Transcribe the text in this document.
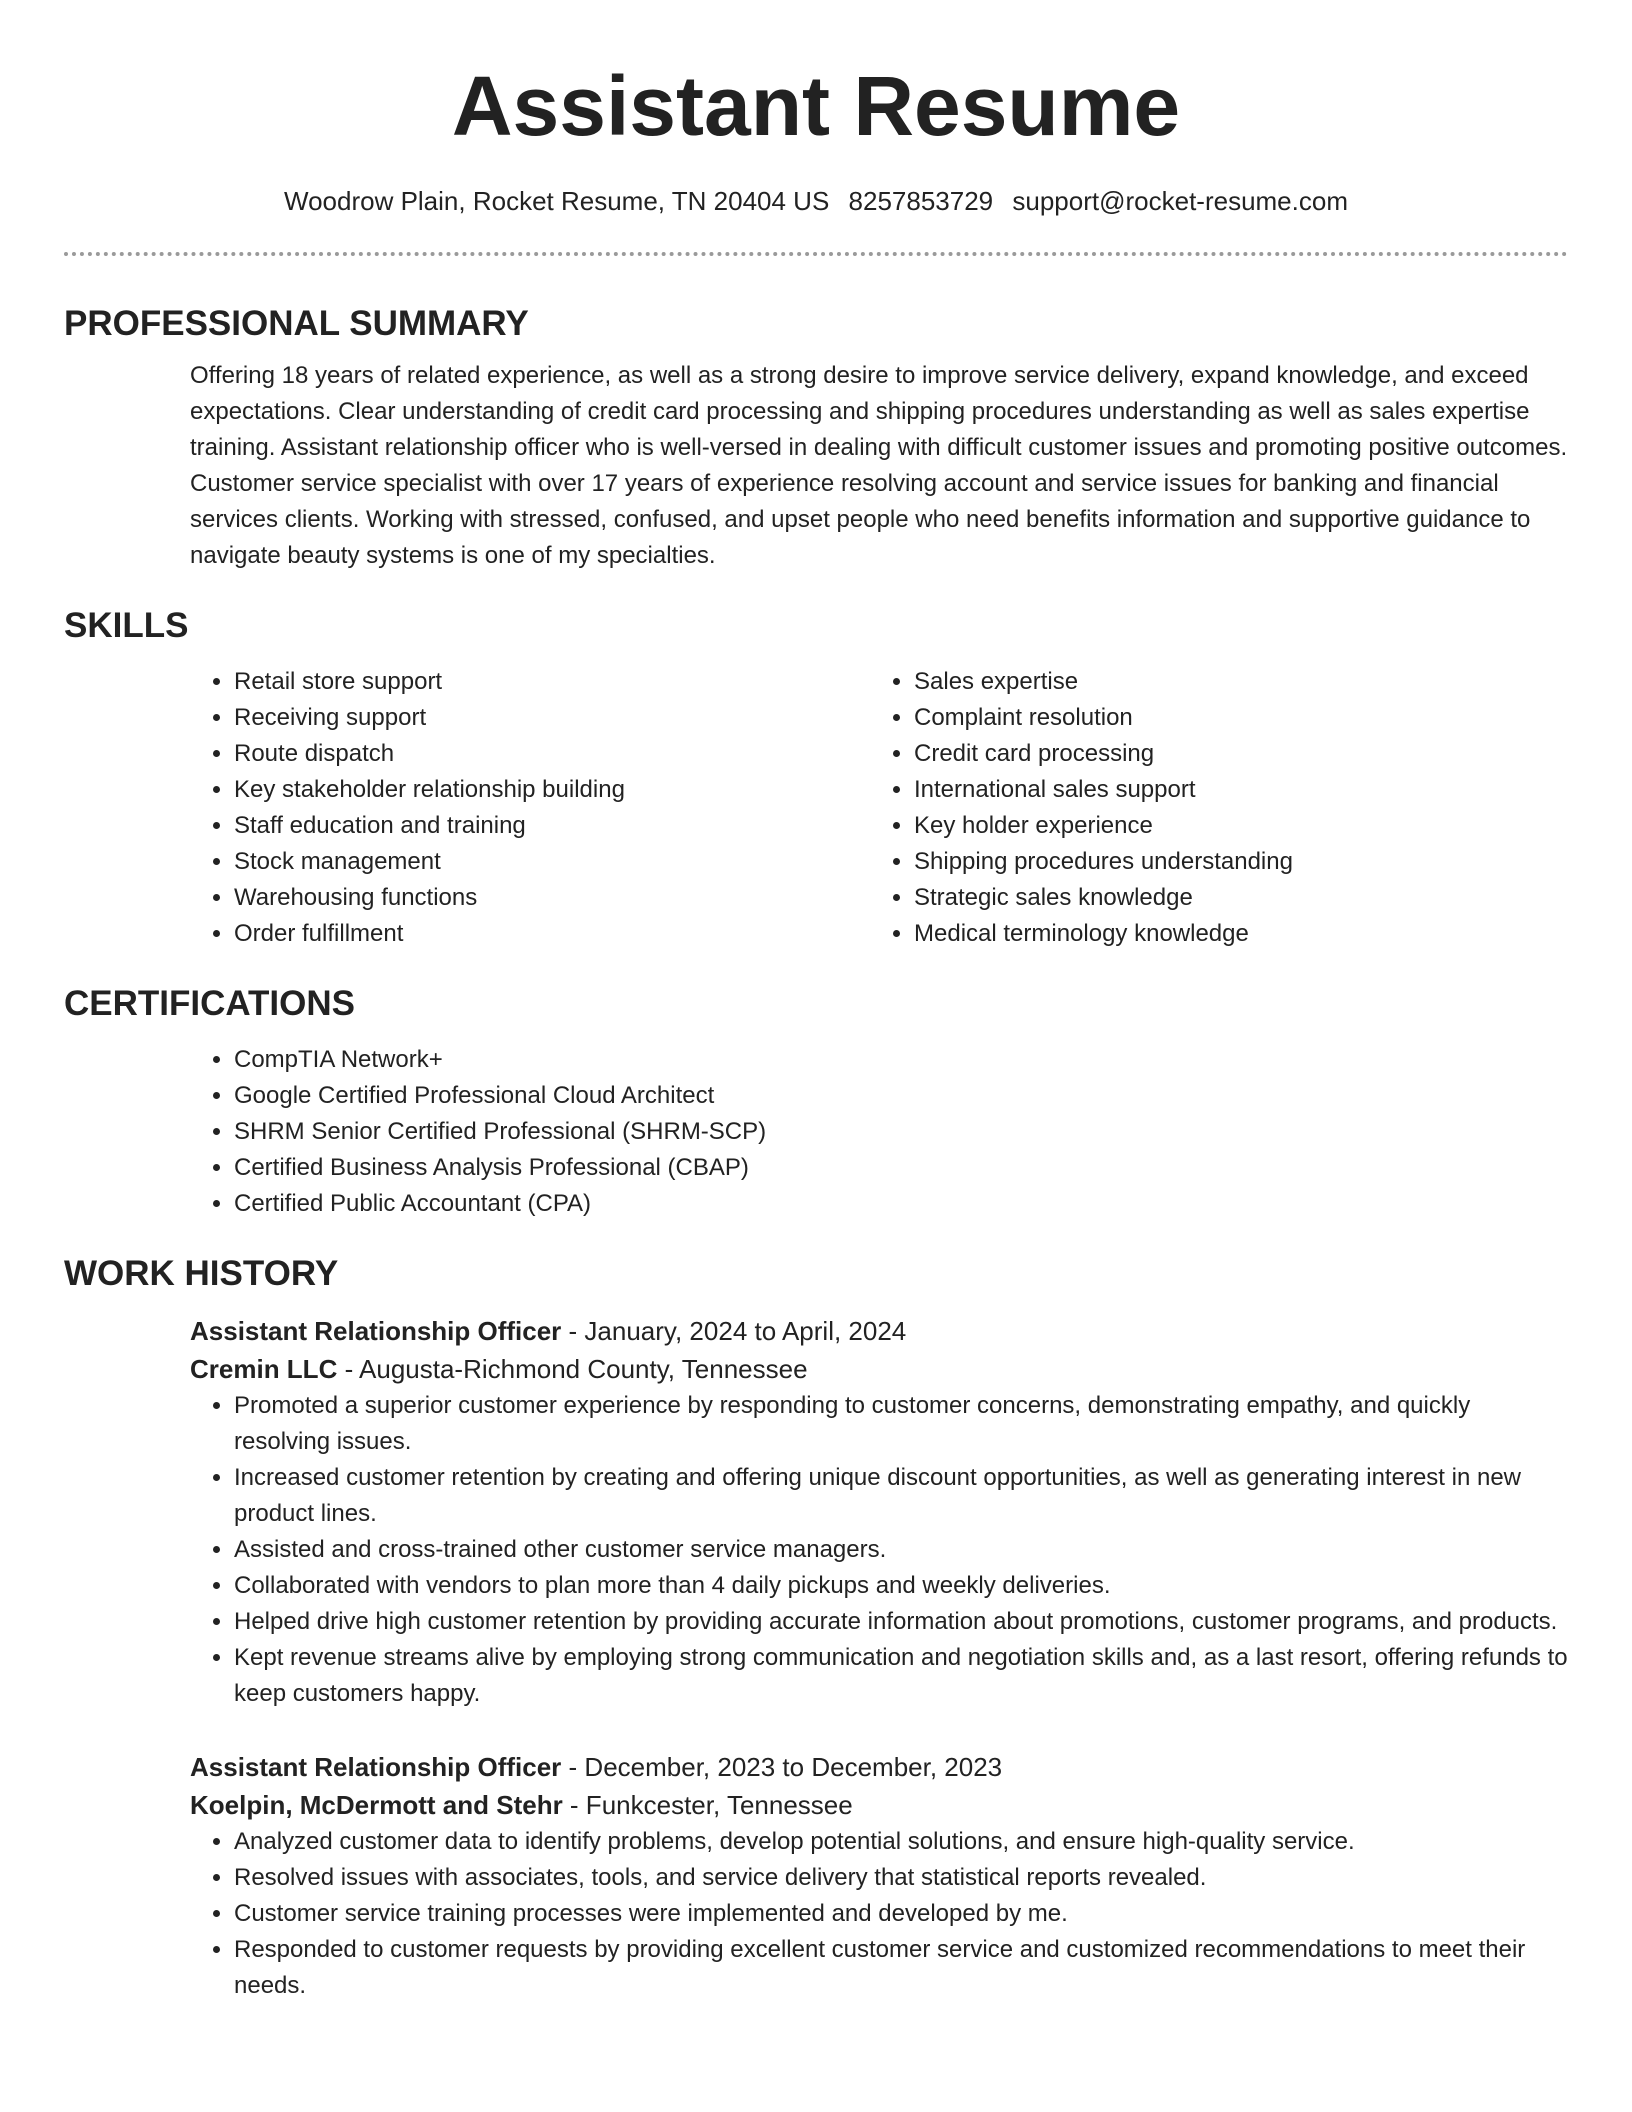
Assistant Resume
Woodrow Plain, Rocket Resume, TN 20404 US 8257853729 support@rocket-resume.com
PROFESSIONAL SUMMARY

Offering 18 years of related experience, as well as a strong desire to improve service delivery, expand knowledge, and exceed expectations. Clear understanding of credit card processing and shipping procedures understanding as well as sales expertise training. Assistant relationship officer who is well-versed in dealing with difficult customer issues and promoting positive outcomes. Customer service specialist with over 17 years of experience resolving account and service issues for banking and financial services clients. Working with stressed, confused, and upset people who need benefits information and supportive guidance to navigate beauty systems is one of my specialties.

SKILLS
• Retail store support
• Receiving support
• Route dispatch
• Key stakeholder relationship building
• Staff education and training
• Stock management
• Warehousing functions
• Order fulfillment
• Sales expertise
• Complaint resolution
• Credit card processing
• International sales support
• Key holder experience
• Shipping procedures understanding
• Strategic sales knowledge
• Medical terminology knowledge
CERTIFICATIONS
• CompTIA Network+
• Google Certified Professional Cloud Architect
• SHRM Senior Certified Professional (SHRM-SCP)
• Certified Business Analysis Professional (CBAP)
• Certified Public Accountant (CPA)
WORK HISTORY
Assistant Relationship Officer - January, 2024 to April, 2024
Cremin LLC - Augusta-Richmond County, Tennessee
• Promoted a superior customer experience by responding to customer concerns, demonstrating empathy, and quickly resolving issues.
• Increased customer retention by creating and offering unique discount opportunities, as well as generating interest in new product lines.
• Assisted and cross-trained other customer service managers.
• Collaborated with vendors to plan more than 4 daily pickups and weekly deliveries.
• Helped drive high customer retention by providing accurate information about promotions, customer programs, and products.
• Kept revenue streams alive by employing strong communication and negotiation skills and, as a last resort, offering refunds to keep customers happy.
Assistant Relationship Officer - December, 2023 to December, 2023
Koelpin, McDermott and Stehr - Funkcester, Tennessee
• Analyzed customer data to identify problems, develop potential solutions, and ensure high-quality service.
• Resolved issues with associates, tools, and service delivery that statistical reports revealed.
• Customer service training processes were implemented and developed by me.
• Responded to customer requests by providing excellent customer service and customized recommendations to meet their needs.
